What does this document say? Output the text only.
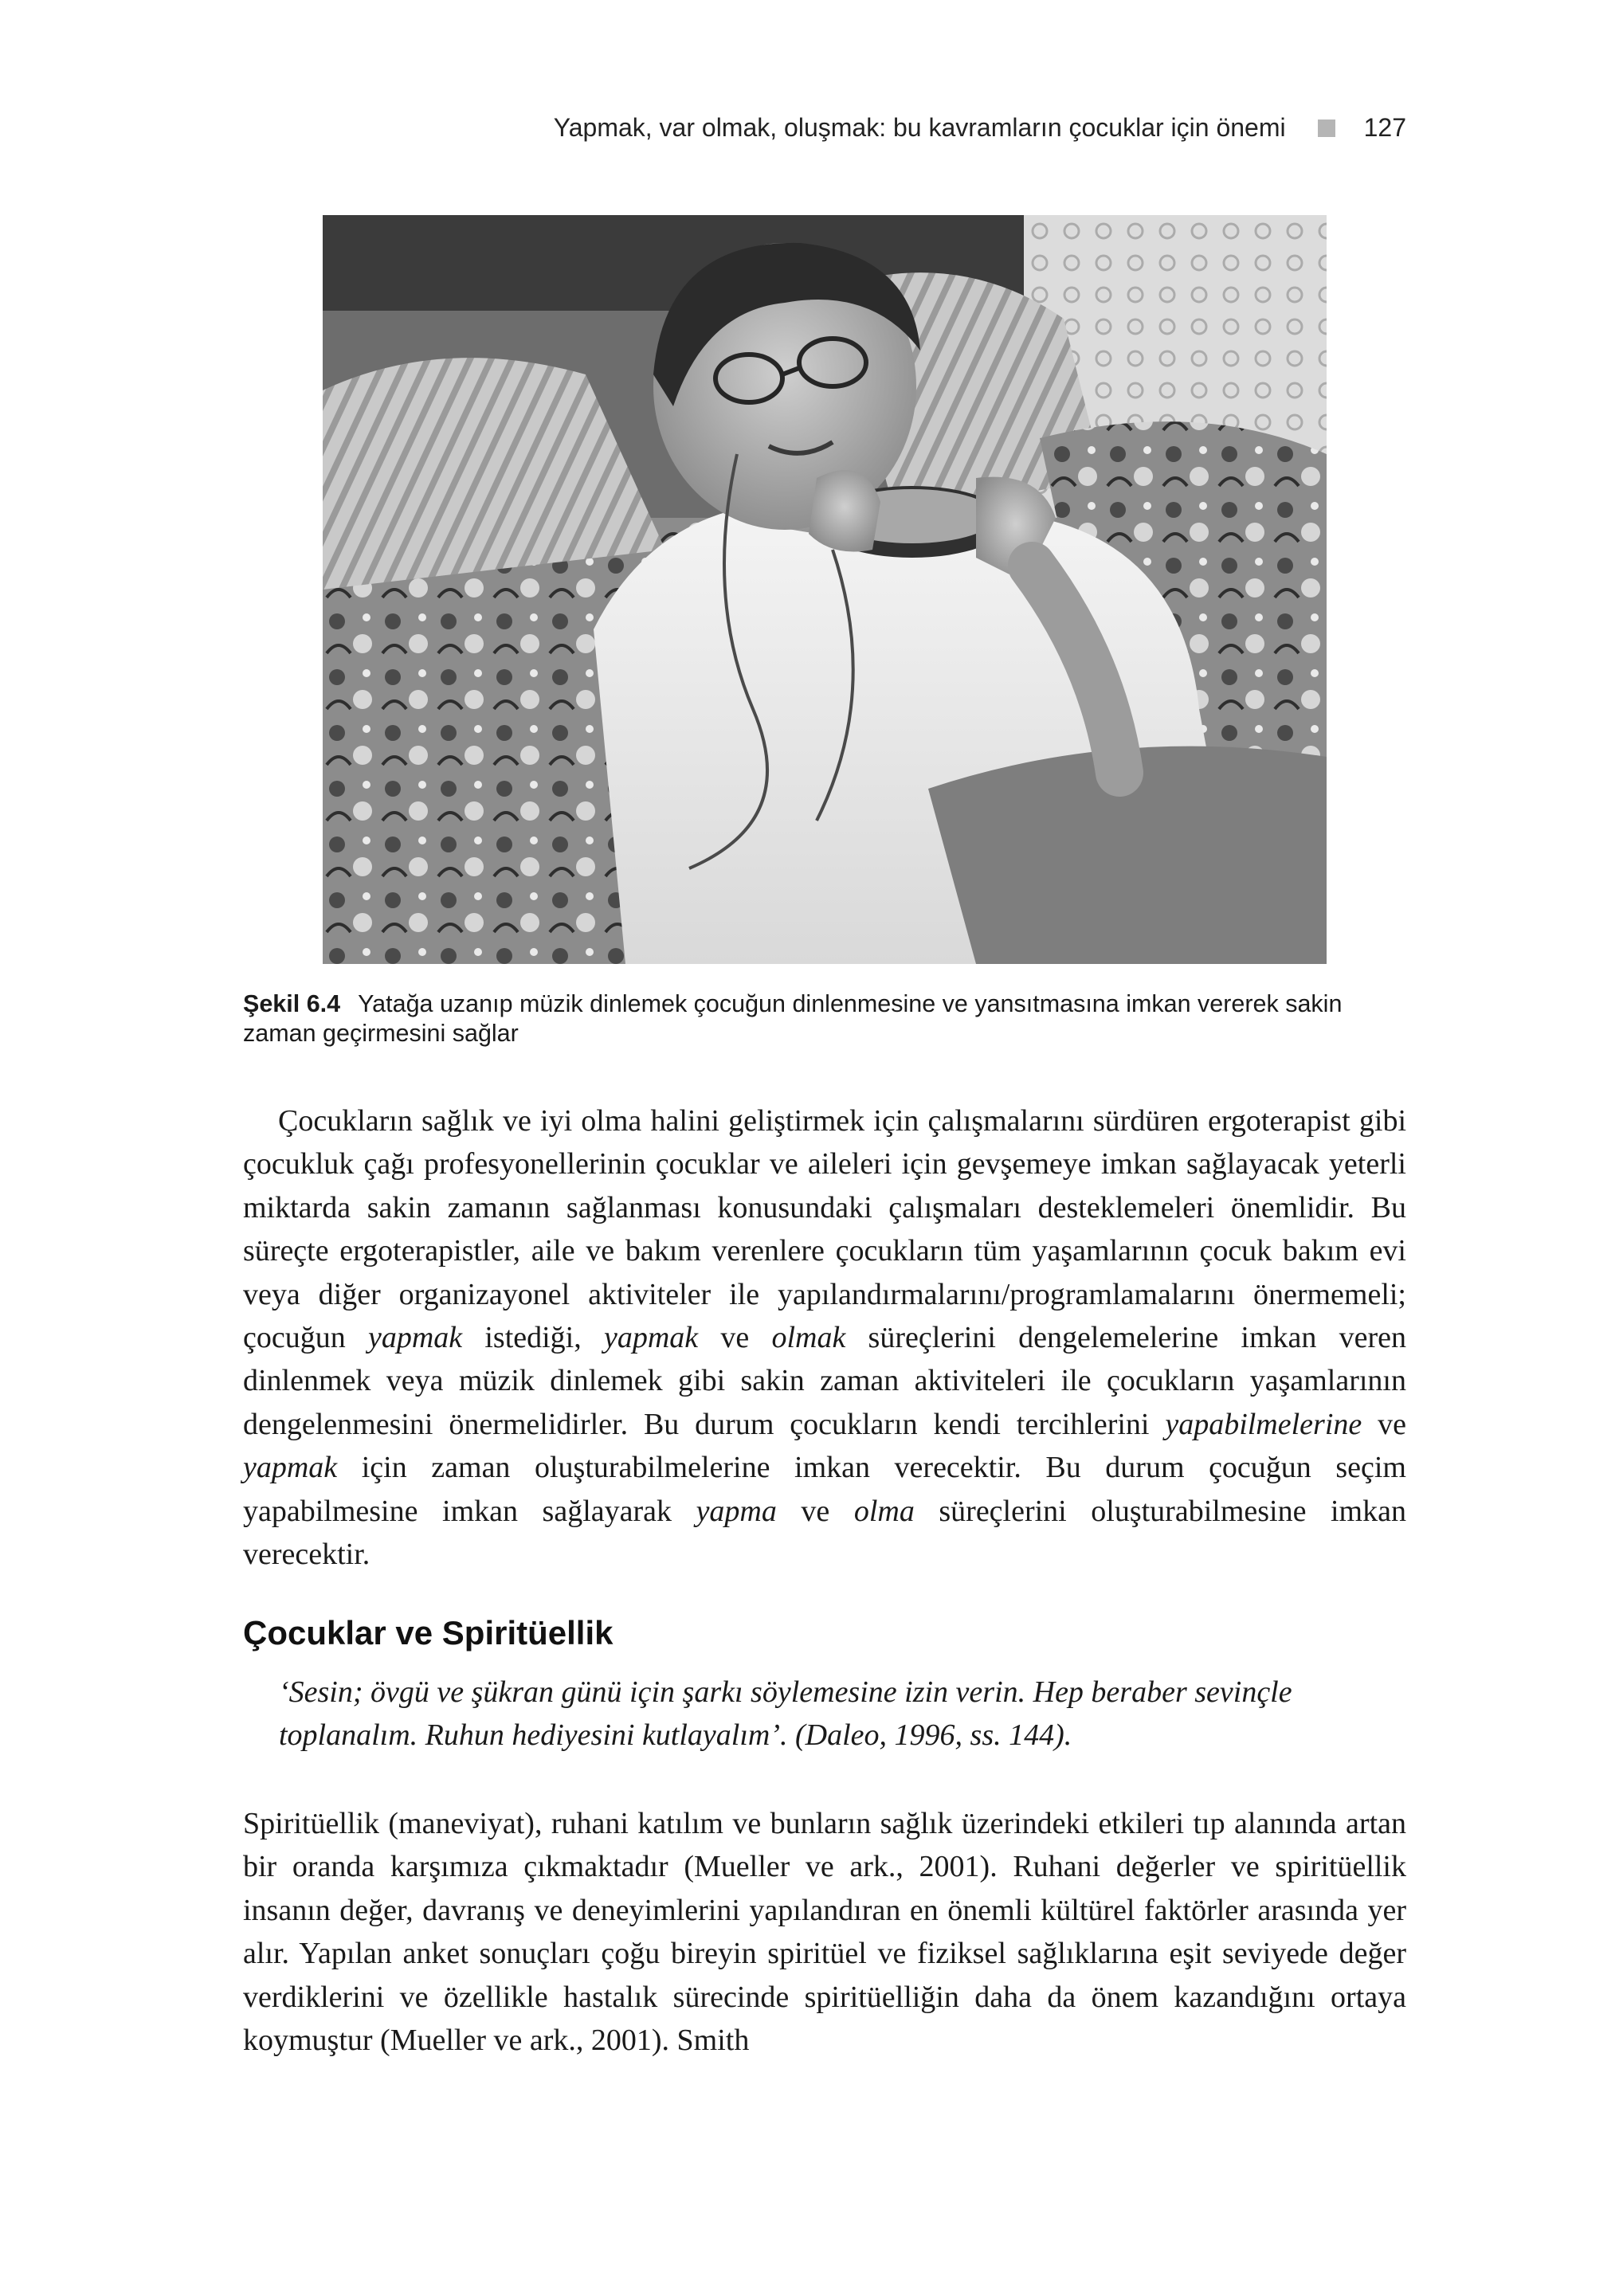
Yapmak, var olmak, oluşmak: bu kavramların çocuklar için önemi	127

Şekil 6.4 Yatağa uzanıp müzik dinlemek çocuğun dinlenmesine ve yansıtmasına imkan vererek sakin zaman geçirmesini sağlar

Çocukların sağlık ve iyi olma halini geliştirmek için çalışmalarını sürdüren ergoterapist gibi çocukluk çağı profesyonellerinin çocuklar ve aileleri için gevşemeye imkan sağlayacak yeterli miktarda sakin zamanın sağlanması konusundaki çalışmaları desteklemeleri önemlidir. Bu süreçte ergoterapistler, aile ve bakım verenlere çocukların tüm yaşamlarının çocuk bakım evi veya diğer organizayonel aktiviteler ile yapılandırmalarını/programlamalarını önermemeli; çocuğun yapmak istediği, yapmak ve olmak süreçlerini dengelemelerine imkan veren dinlenmek veya müzik dinlemek gibi sakin zaman aktiviteleri ile çocukların yaşamlarının dengelenmesini önermelidirler. Bu durum çocukların kendi tercihlerini yapabilmelerine ve yapmak için zaman oluşturabilmelerine imkan verecektir. Bu durum çocuğun seçim yapabilmesine imkan sağlayarak yapma ve olma süreçlerini oluşturabilmesine imkan verecektir.

Çocuklar ve Spiritüellik

‘Sesin; övgü ve şükran günü için şarkı söylemesine izin verin. Hep beraber sevinçle toplanalım. Ruhun hediyesini kutlayalım’. (Daleo, 1996, ss. 144).

Spiritüellik (maneviyat), ruhani katılım ve bunların sağlık üzerindeki etkileri tıp alanında artan bir oranda karşımıza çıkmaktadır (Mueller ve ark., 2001). Ruhani değerler ve spiritüellik insanın değer, davranış ve deneyimlerini yapılandıran en önemli kültürel faktörler arasında yer alır. Yapılan anket sonuçları çoğu bireyin spiritüel ve fiziksel sağlıklarına eşit seviyede değer verdiklerini ve özellikle hastalık sürecinde spiritüelliğin daha da önem kazandığını ortaya koymuştur (Mueller ve ark., 2001). Smith
